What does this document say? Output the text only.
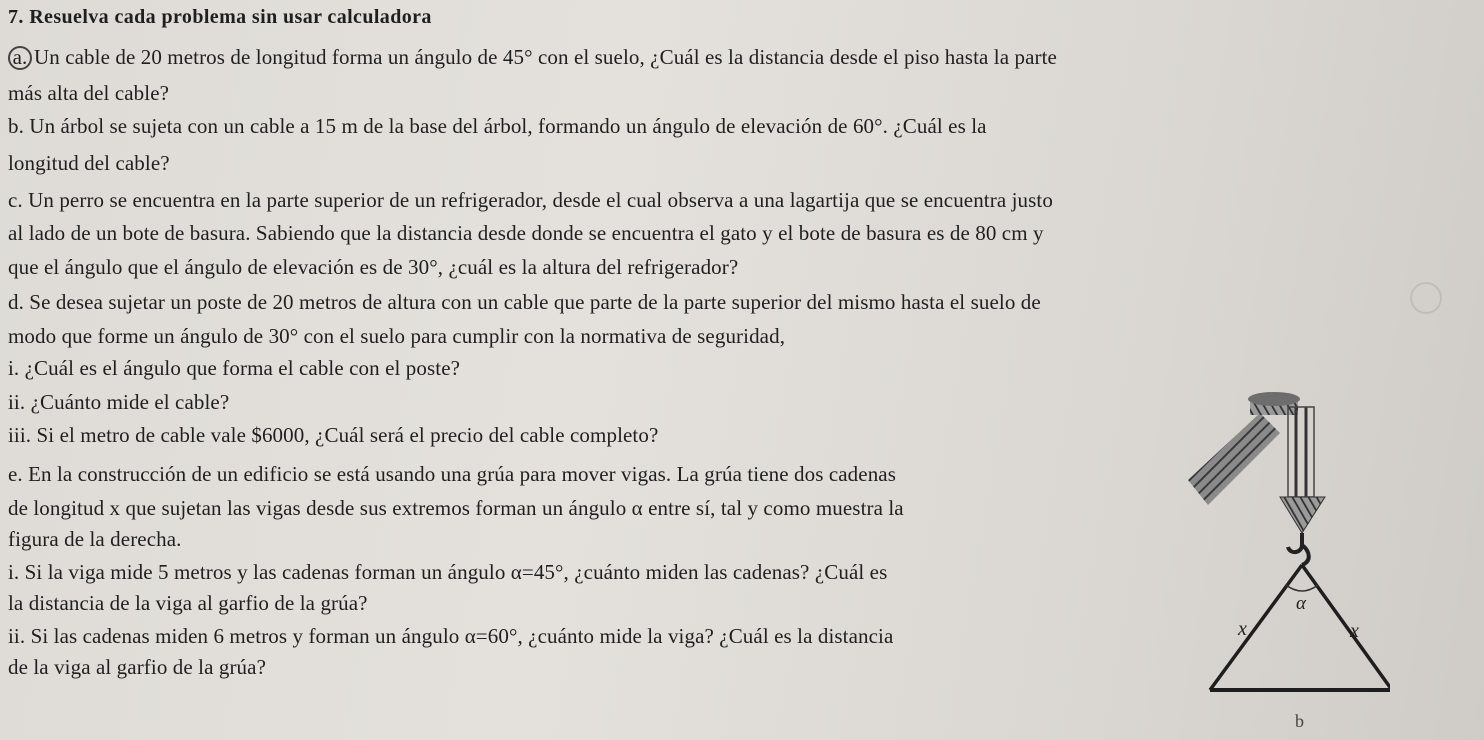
7. Resuelva cada problema sin usar calculadora
a. Un cable de 20 metros de longitud forma un ángulo de 45° con el suelo, ¿Cuál es la distancia desde el piso hasta la parte
más alta del cable?
b. Un árbol se sujeta con un cable a 15 m de la base del árbol, formando un ángulo de elevación de 60°. ¿Cuál es la
longitud del cable?
c. Un perro se encuentra en la parte superior de un refrigerador, desde el cual observa a una lagartija que se encuentra justo
al lado de un bote de basura. Sabiendo que la distancia desde donde se encuentra el gato y el bote de basura es de 80 cm y
que el ángulo que el ángulo de elevación es de 30°, ¿cuál es la altura del refrigerador?
d. Se desea sujetar un poste de 20 metros de altura con un cable que parte de la parte superior del mismo hasta el suelo de
modo que forme un ángulo de 30° con el suelo para cumplir con la normativa de seguridad,
i. ¿Cuál es el ángulo que forma el cable con el poste?
ii. ¿Cuánto mide el cable?
iii. Si el metro de cable vale $6000, ¿Cuál será el precio del cable completo?
e. En la construcción de un edificio se está usando una grúa para mover vigas. La grúa tiene dos cadenas
de longitud x que sujetan las vigas desde sus extremos forman un ángulo α entre sí, tal y como muestra la
figura de la derecha.
i. Si la viga mide 5 metros y las cadenas forman un ángulo α=45°, ¿cuánto miden las cadenas? ¿Cuál es
la distancia de la viga al garfio de la grúa?
ii. Si las cadenas miden 6 metros y forman un ángulo α=60°, ¿cuánto mide la viga? ¿Cuál es la distancia
de la viga al garfio de la grúa?
α
x	x
b
